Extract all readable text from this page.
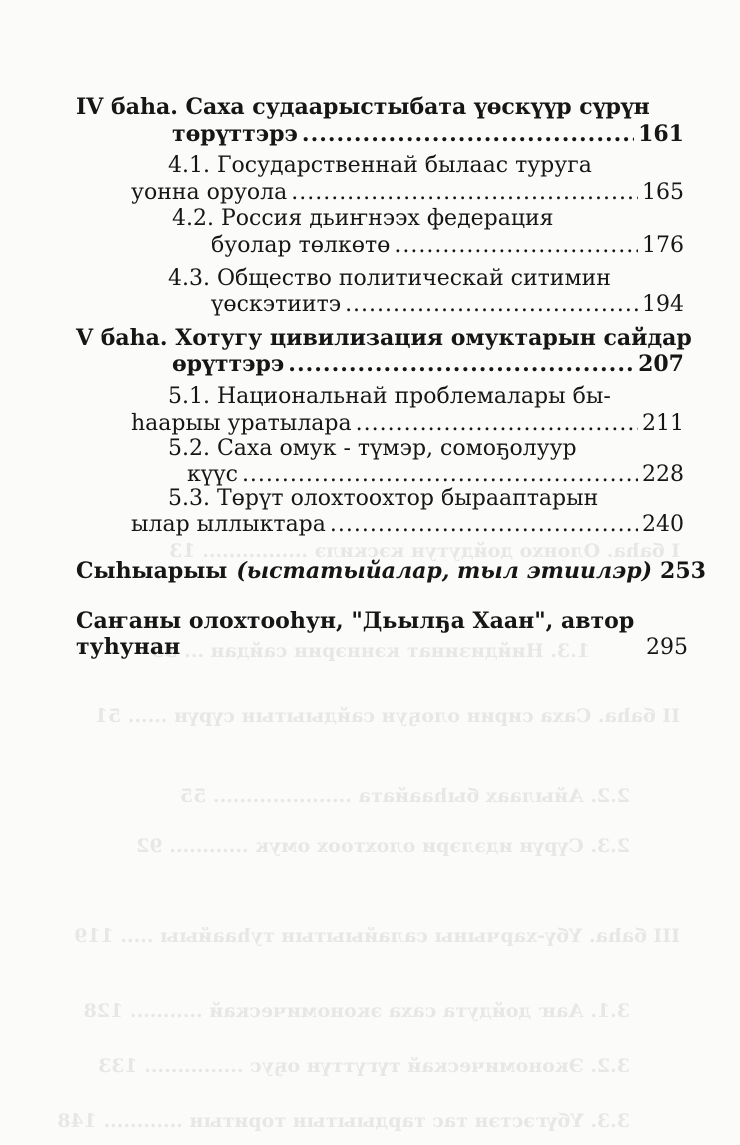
I баһа. Олонхо дойдутун кэскилэ ................ 13
1.3. Нийдизинат кэннэрин сайдан ... 39
II баһа. Саха сирин олоҕун сайдыытын сүрүн ...... 51
2.2. Айылаах быһаайата ..................... 55
2.3. Сүрүн идэлэри олохтоох омук ............ 92
III баһа. Үбү-харчыны салайыытын туһаайыы ..... 119
3.1. Ааҥ дойдута саха экономическай ........... 128
3.2. Экономическай түгүттүн оҕус ............... 133
3.3. Үбүгэстэн тас тардыытын торитын ............ 148
IV баһа. Саха судаарыстыбата үөскүүр сүрүн
төрүттэрэ .....	161
4.1. Государственнай былаас туруга
уонна оруола .....	165
4.2. Россия дьиҥнээх федерация
буолар төлкөтө .....	176
4.3. Общество политическай ситимин
үөскэтиитэ .....	194
V баһа. Хотугу цивилизация омуктарын сайдар
өрүттэрэ .....	207
5.1. Национальнай проблемалары бы-
һаарыы уратылара .....	211
5.2. Саха омук - түмэр, сомоҕолуур
күүс .....	228
5.3. Төрүт олохтоохтор бырааптарын
ылар ыллыктара .....	240
Сыһыарыы (ыстатыйалар, тыл этиилэр) 253
Саҥаны олохтооһун, "Дьылҕа Хаан", автор
туһунан	295
